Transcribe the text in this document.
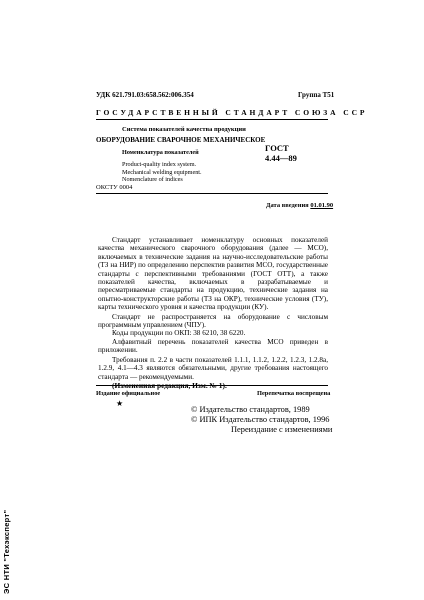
УДК 621.791.03:658.562:006.354	Группа Т51
ГОСУДАРСТВЕННЫЙ СТАНДАРТ СОЮЗА ССР
Система показателей качества продукции
ОБОРУДОВАНИЕ СВАРОЧНОЕ МЕХАНИЧЕСКОЕ
ГОСТ
4.44—89
Номенклатура показателей
Product-quality index system.
Mechanical welding equipment.
Nomenclature of indices
ОКСТУ 0004
Дата введения 01.01.90

Стандарт устанавливает номенклатуру основных показателей качества механического сварочного оборудования (далее — МСО), включаемых в технические задания на научно-исследовательские работы (ТЗ на НИР) по определению перспектив развития МСО, государственные стандарты с перспективными требованиями (ГОСТ ОТТ), а также показателей качества, включаемых в разрабатываемые и пересматриваемые стандарты на продукцию, технические задания на опытно-конструкторские работы (ТЗ на ОКР), технические условия (ТУ), карты технического уровня и качества продукции (КУ).

Стандарт не распространяется на оборудование с числовым программным управлением (ЧПУ).

Коды продукции по ОКП: 38 6210, 38 6220.

Алфавитный перечень показателей качества МСО приведен в приложении.

Требования п. 2.2 в части показателей 1.1.1, 1.1.2, 1.2.2, 1.2.3, 1.2.8а, 1.2.9, 4.1—4.3 являются обязательными, другие требования настоящего стандарта — рекомендуемыми.

(Измененная редакция, Изм. № 1).

Издание официальное	Перепечатка воспрещена
★
© Издательство стандартов, 1989
© ИПК Издательство стандартов, 1996
Переиздание с изменениями
ЭС НТИ "Техэксперт"
